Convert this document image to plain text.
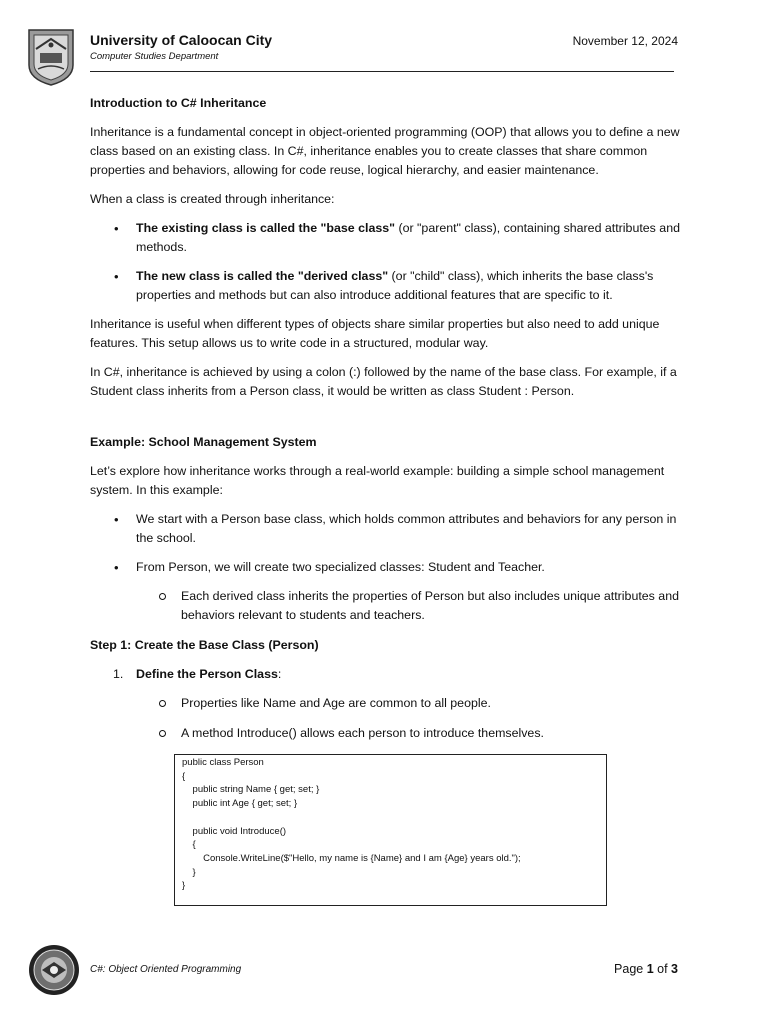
University of Caloocan City
Computer Studies Department
November 12, 2024

Introduction to C# Inheritance

Inheritance is a fundamental concept in object-oriented programming (OOP) that allows you to define a new class based on an existing class. In C#, inheritance enables you to create classes that share common properties and behaviors, allowing for code reuse, logical hierarchy, and easier maintenance.

When a class is created through inheritance:

• The existing class is called the "base class" (or "parent" class), containing shared attributes and methods.
• The new class is called the "derived class" (or "child" class), which inherits the base class's properties and methods but can also introduce additional features that are specific to it.

Inheritance is useful when different types of objects share similar properties but also need to add unique features. This setup allows us to write code in a structured, modular way.

In C#, inheritance is achieved by using a colon (:) followed by the name of the base class. For example, if a Student class inherits from a Person class, it would be written as class Student : Person.

Example: School Management System

Let’s explore how inheritance works through a real-world example: building a simple school management system. In this example:

• We start with a Person base class, which holds common attributes and behaviors for any person in the school.
• From Person, we will create two specialized classes: Student and Teacher.
Each derived class inherits the properties of Person but also includes unique attributes and behaviors relevant to students and teachers.

Step 1: Create the Base Class (Person)

1. Define the Person Class:
Properties like Name and Age are common to all people.
A method Introduce() allows each person to introduce themselves.
public class Person
{
public string Name { get; set; }
public int Age { get; set; }

public void Introduce()
{
Console.WriteLine($"Hello, my name is {Name} and I am {Age} years old.");
}
}
C#: Object Oriented Programming	Page 1 of 3
